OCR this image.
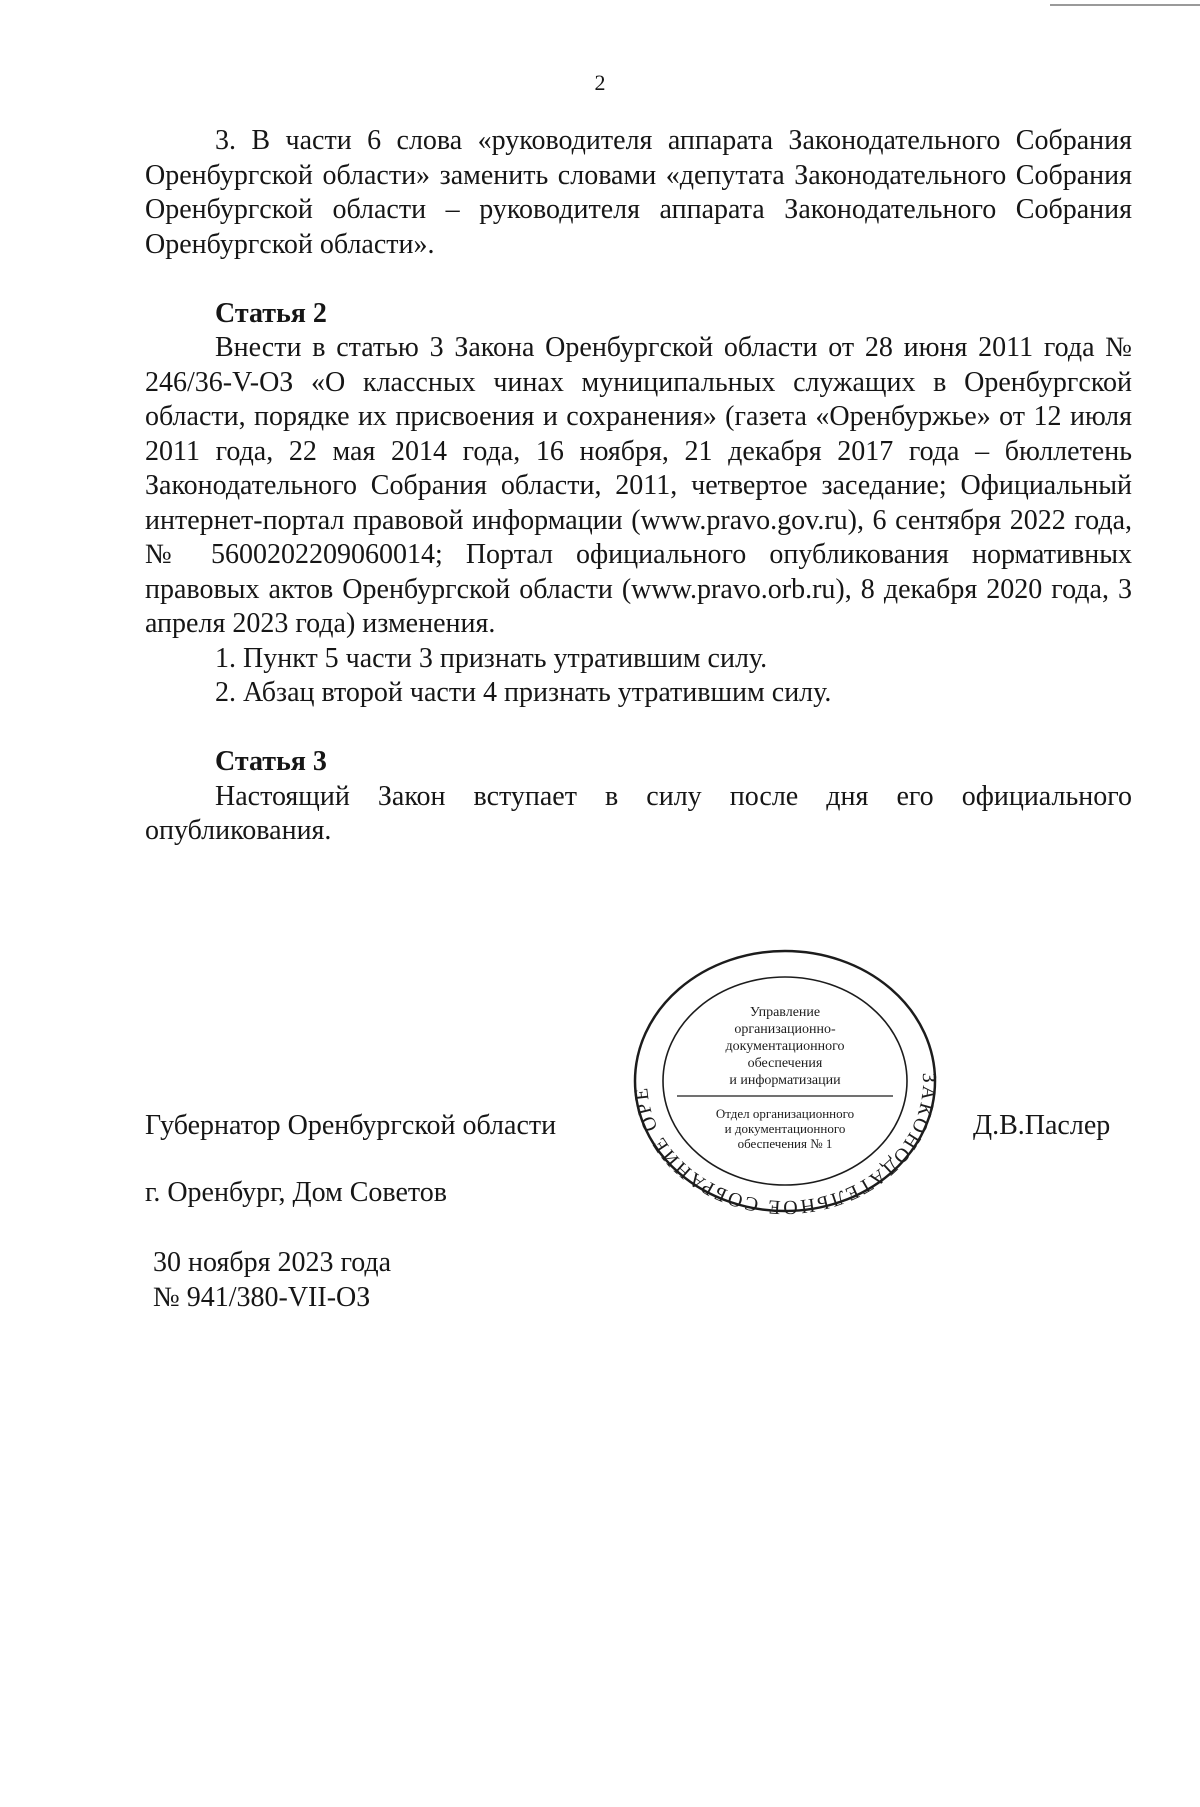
2

3. В части 6 слова «руководителя аппарата Законодательного Собрания Оренбургской области» заменить словами «депутата Законодательного Собрания Оренбургской области – руководителя аппарата Законодательного Собрания Оренбургской области».

Статья 2

Внести в статью 3 Закона Оренбургской области от 28 июня 2011 года № 246/36-V-ОЗ «О классных чинах муниципальных служащих в Оренбургской области, порядке их присвоения и сохранения» (газета «Оренбуржье» от 12 июля 2011 года, 22 мая 2014 года, 16 ноября, 21 декабря 2017 года – бюллетень Законодательного Собрания области, 2011, четвертое заседание; Официальный интернет-портал правовой информации (www.pravo.gov.ru), 6 сентября 2022 года, № 5600202209060014; Портал официального опубликования нормативных правовых актов Оренбургской области (www.pravo.orb.ru), 8 декабря 2020 года, 3 апреля 2023 года) изменения.

1. Пункт 5 части 3 признать утратившим силу.

2. Абзац второй части 4 признать утратившим силу.

Статья 3

Настоящий Закон вступает в силу после дня его официального опубликования.

ЗАКОНОДАТЕЛЬНОЕ СОБРАНИЕ ОРЕ
Управление
организационно-
документационного
обеспечения
и информатизации
Отдел организационного
и документационного
обеспечения № 1
Губернатор Оренбургской области	Д.В.Паслер
г. Оренбург, Дом Советов
30 ноября 2023 года
№ 941/380-VII-ОЗ
